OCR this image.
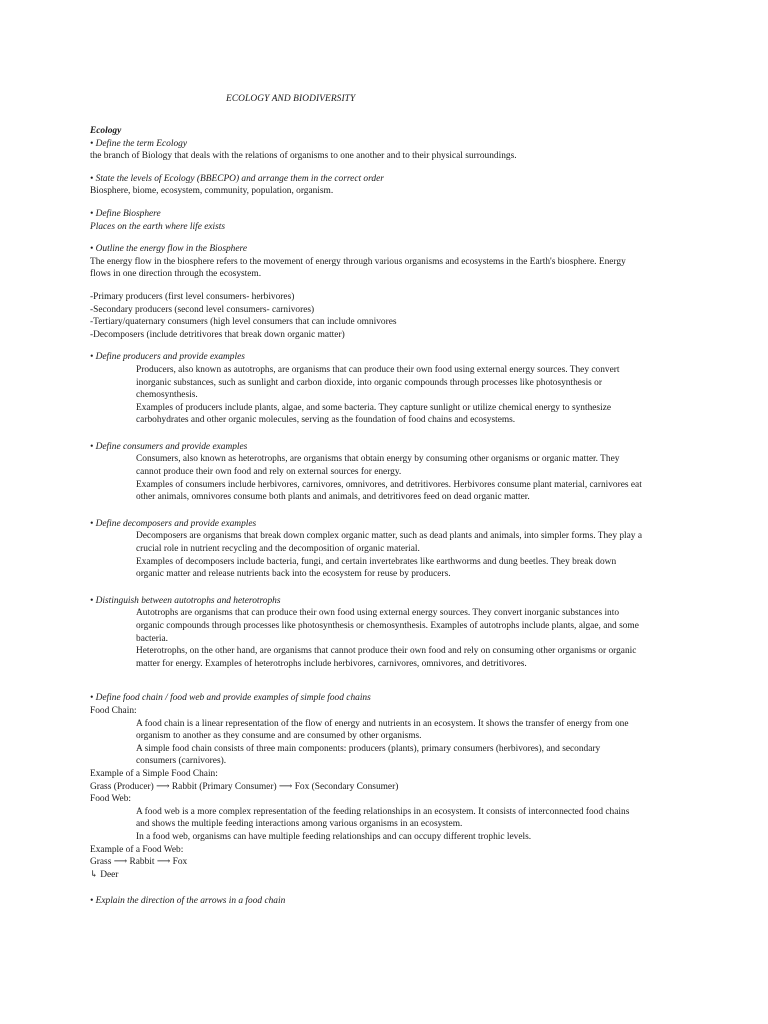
ECOLOGY AND BIODIVERSITY
Ecology
• Define the term Ecology
the branch of Biology that deals with the relations of organisms to one another and to their physical surroundings.
• State the levels of Ecology (BBECPO) and arrange them in the correct order
Biosphere, biome, ecosystem, community, population, organism.
• Define Biosphere
Places on the earth where life exists
• Outline the energy flow in the Biosphere
The energy flow in the biosphere refers to the movement of energy through various organisms and ecosystems in the Earth's biosphere. Energy
flows in one direction through the ecosystem.
-Primary producers (first level consumers- herbivores)
-Secondary producers (second level consumers- carnivores)
-Tertiary/quaternary consumers (high level consumers that can include omnivores
-Decomposers (include detritivores that break down organic matter)
• Define producers and provide examples
Producers, also known as autotrophs, are organisms that can produce their own food using external energy sources. They convert
inorganic substances, such as sunlight and carbon dioxide, into organic compounds through processes like photosynthesis or
chemosynthesis.
Examples of producers include plants, algae, and some bacteria. They capture sunlight or utilize chemical energy to synthesize
carbohydrates and other organic molecules, serving as the foundation of food chains and ecosystems.
• Define consumers and provide examples
Consumers, also known as heterotrophs, are organisms that obtain energy by consuming other organisms or organic matter. They
cannot produce their own food and rely on external sources for energy.
Examples of consumers include herbivores, carnivores, omnivores, and detritivores. Herbivores consume plant material, carnivores eat
other animals, omnivores consume both plants and animals, and detritivores feed on dead organic matter.
• Define decomposers and provide examples
Decomposers are organisms that break down complex organic matter, such as dead plants and animals, into simpler forms. They play a
crucial role in nutrient recycling and the decomposition of organic material.
Examples of decomposers include bacteria, fungi, and certain invertebrates like earthworms and dung beetles. They break down
organic matter and release nutrients back into the ecosystem for reuse by producers.
• Distinguish between autotrophs and heterotrophs
Autotrophs are organisms that can produce their own food using external energy sources. They convert inorganic substances into
organic compounds through processes like photosynthesis or chemosynthesis. Examples of autotrophs include plants, algae, and some
bacteria.
Heterotrophs, on the other hand, are organisms that cannot produce their own food and rely on consuming other organisms or organic
matter for energy. Examples of heterotrophs include herbivores, carnivores, omnivores, and detritivores.
• Define food chain / food web and provide examples of simple food chains
Food Chain:
A food chain is a linear representation of the flow of energy and nutrients in an ecosystem. It shows the transfer of energy from one
organism to another as they consume and are consumed by other organisms.
A simple food chain consists of three main components: producers (plants), primary consumers (herbivores), and secondary
consumers (carnivores).
Example of a Simple Food Chain:
Grass (Producer) ⟶ Rabbit (Primary Consumer) ⟶ Fox (Secondary Consumer)
Food Web:
A food web is a more complex representation of the feeding relationships in an ecosystem. It consists of interconnected food chains
and shows the multiple feeding interactions among various organisms in an ecosystem.
In a food web, organisms can have multiple feeding relationships and can occupy different trophic levels.
Example of a Food Web:
Grass ⟶ Rabbit ⟶ Fox
↳ Deer
• Explain the direction of the arrows in a food chain
